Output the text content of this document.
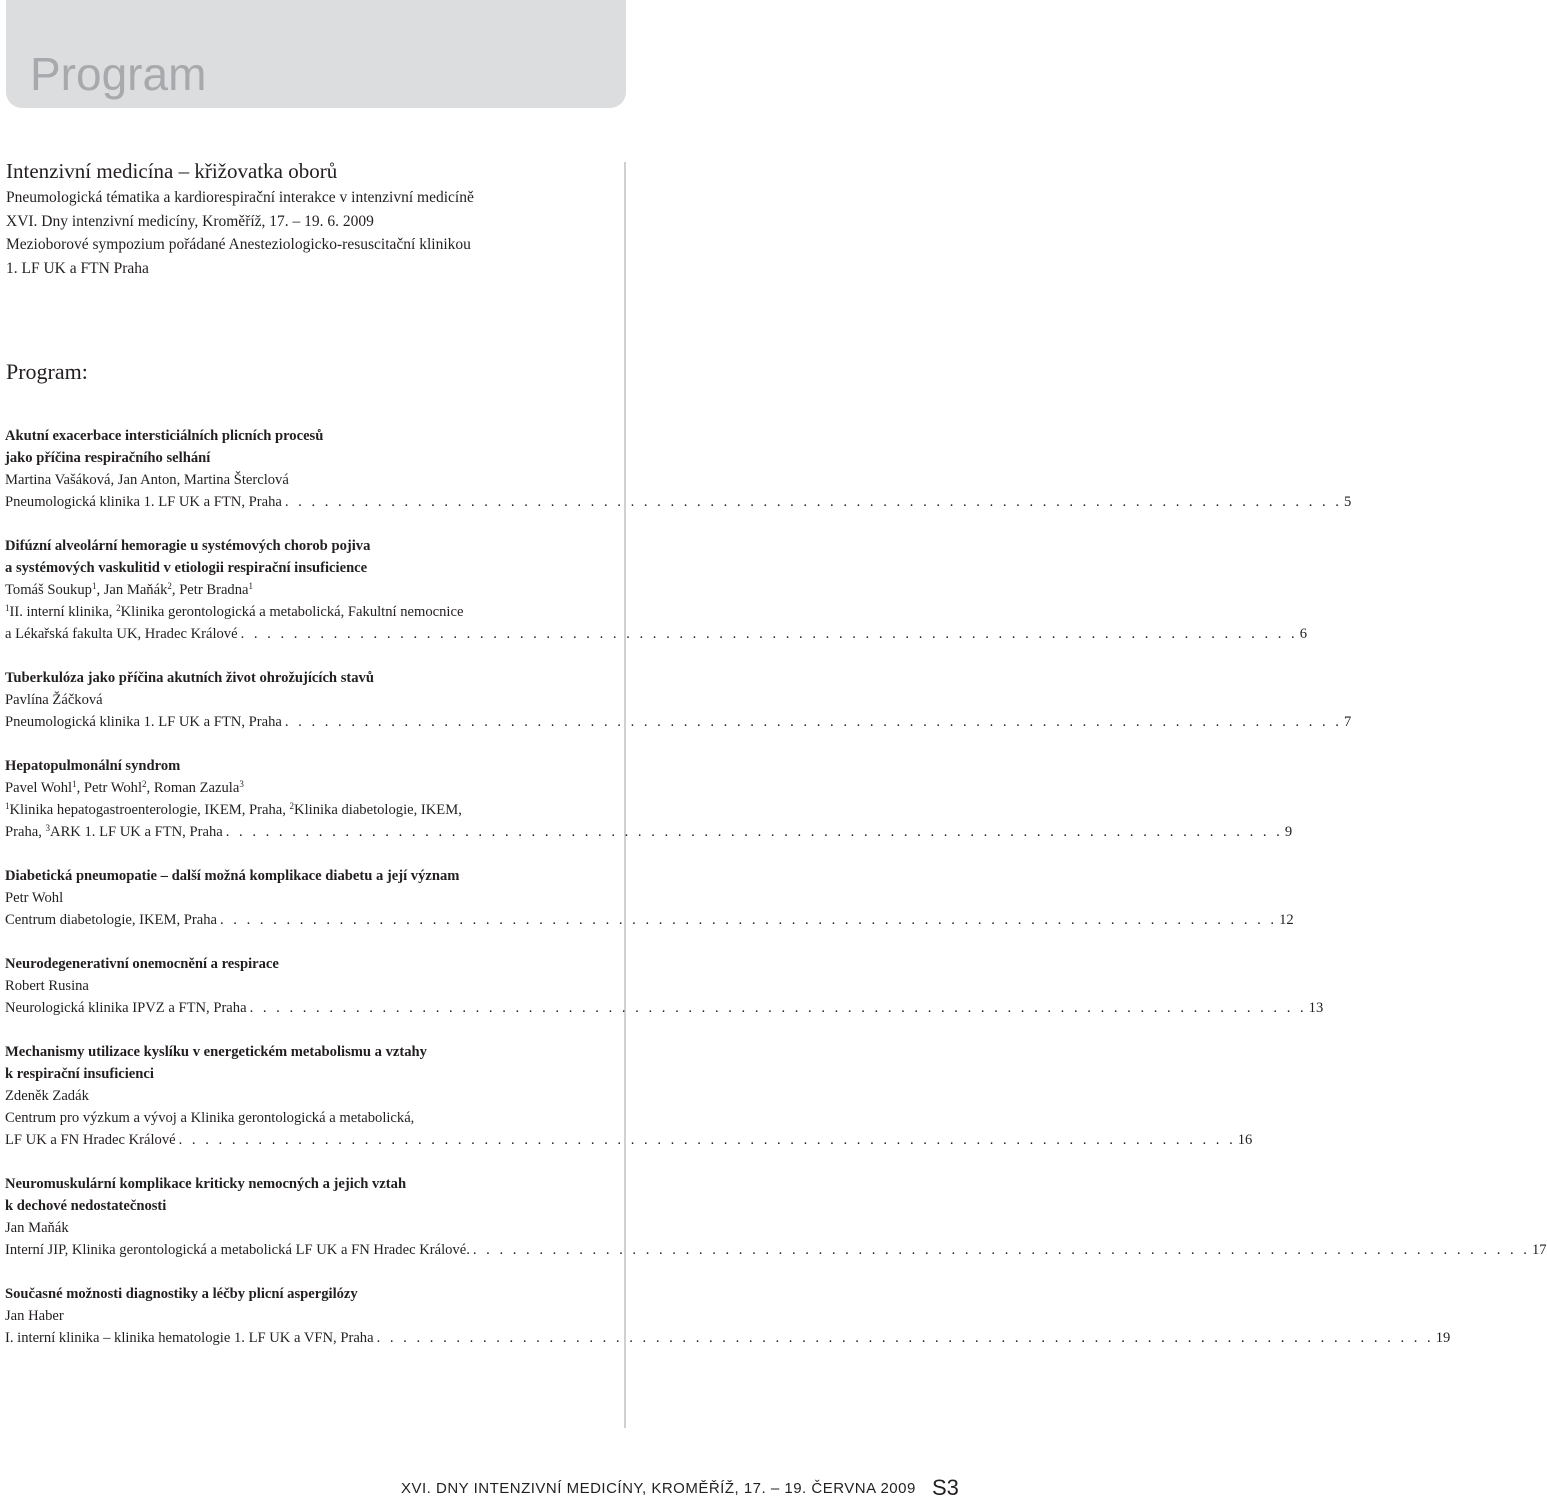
Program
Intenzivní medicína – křižovatka oborů
Pneumologická tématika a kardiorespirační interakce v intenzivní medicíně
XVI. Dny intenzivní medicíny, Kroměříž, 17. – 19. 6. 2009
Mezioborové sympozium pořádané Anesteziologicko-resuscitační klinikou
1. LF UK a FTN Praha
Program:
Akutní exacerbace intersticiálních plicních procesů
jako příčina respiračního selhání
Martina Vašáková, Jan Anton, Martina Šterclová
Pneumologická klinika 1. LF UK a FTN, Praha . . . . . . . . . . . . . . . . . . . . . . . . . . . . . . . . . . . . . . . . . . . . . . . . . . . . . . . . . . . . . . . . . . . . . . . . . . . . . . . . 5
Difúzní alveolární hemoragie u systémových chorob pojiva
a systémových vaskulitid v etiologii respirační insuficience
Tomáš Soukup$^1$, Jan Maňák$^2$, Petr Bradna$^1$
$^1$II. interní klinika, $^2$Klinika gerontologická a metabolická, Fakultní nemocnice
a Lékařská fakulta UK, Hradec Králové . . . . . . . . . . . . . . . . . . . . . . . . . . . . . . . . . . . . . . . . . . . . . . . . . . . . . . . . . . . . . . . . . . . . . . . . . . . . . . . . 6
Tuberkulóza jako příčina akutních život ohrožujících stavů
Pavlína Žáčková
Pneumologická klinika 1. LF UK a FTN, Praha . . . . . . . . . . . . . . . . . . . . . . . . . . . . . . . . . . . . . . . . . . . . . . . . . . . . . . . . . . . . . . . . . . . . . . . . . . . . . . . . 7
Hepatopulmonální syndrom
Pavel Wohl$^1$, Petr Wohl$^2$, Roman Zazula$^3$
$^1$Klinika hepatogastroenterologie, IKEM, Praha, $^2$Klinika diabetologie, IKEM,
Praha, $^3$ARK 1. LF UK a FTN, Praha . . . . . . . . . . . . . . . . . . . . . . . . . . . . . . . . . . . . . . . . . . . . . . . . . . . . . . . . . . . . . . . . . . . . . . . . . . . . . . . . 9
Diabetická pneumopatie – další možná komplikace diabetu a její význam
Petr Wohl
Centrum diabetologie, IKEM, Praha . . . . . . . . . . . . . . . . . . . . . . . . . . . . . . . . . . . . . . . . . . . . . . . . . . . . . . . . . . . . . . . . . . . . . . . . . . . . . . . . 12
Neurodegenerativní onemocnění a respirace
Robert Rusina
Neurologická klinika IPVZ a FTN, Praha . . . . . . . . . . . . . . . . . . . . . . . . . . . . . . . . . . . . . . . . . . . . . . . . . . . . . . . . . . . . . . . . . . . . . . . . . . . . . . . . 13
Mechanismy utilizace kyslíku v energetickém metabolismu a vztahy
k respirační insuficienci
Zdeněk Zadák
Centrum pro výzkum a vývoj a Klinika gerontologická a metabolická,
LF UK a FN Hradec Králové . . . . . . . . . . . . . . . . . . . . . . . . . . . . . . . . . . . . . . . . . . . . . . . . . . . . . . . . . . . . . . . . . . . . . . . . . . . . . . . . 16
Neuromuskulární komplikace kriticky nemocných a jejich vztah
k dechové nedostatečnosti
Jan Maňák
Interní JIP, Klinika gerontologická a metabolická LF UK a FN Hradec Králové. . . . . . . . . . . . . . . . . . . . . . . . . . . . . . . . . . . . . . . . . . . . . . . . . . . . . . . . . . . . . . . . . . . . . . . . . . . . . . . . . 17
Současné možnosti diagnostiky a léčby plicní aspergilózy
Jan Haber
I. interní klinika – klinika hematologie 1. LF UK a VFN, Praha . . . . . . . . . . . . . . . . . . . . . . . . . . . . . . . . . . . . . . . . . . . . . . . . . . . . . . . . . . . . . . . . . . . . . . . . . . . . . . . . 19
XVI. DNY INTENZIVNÍ MEDICÍNY, KROMĚŘÍŽ, 17. – 19. ČERVNA 2009 S3
